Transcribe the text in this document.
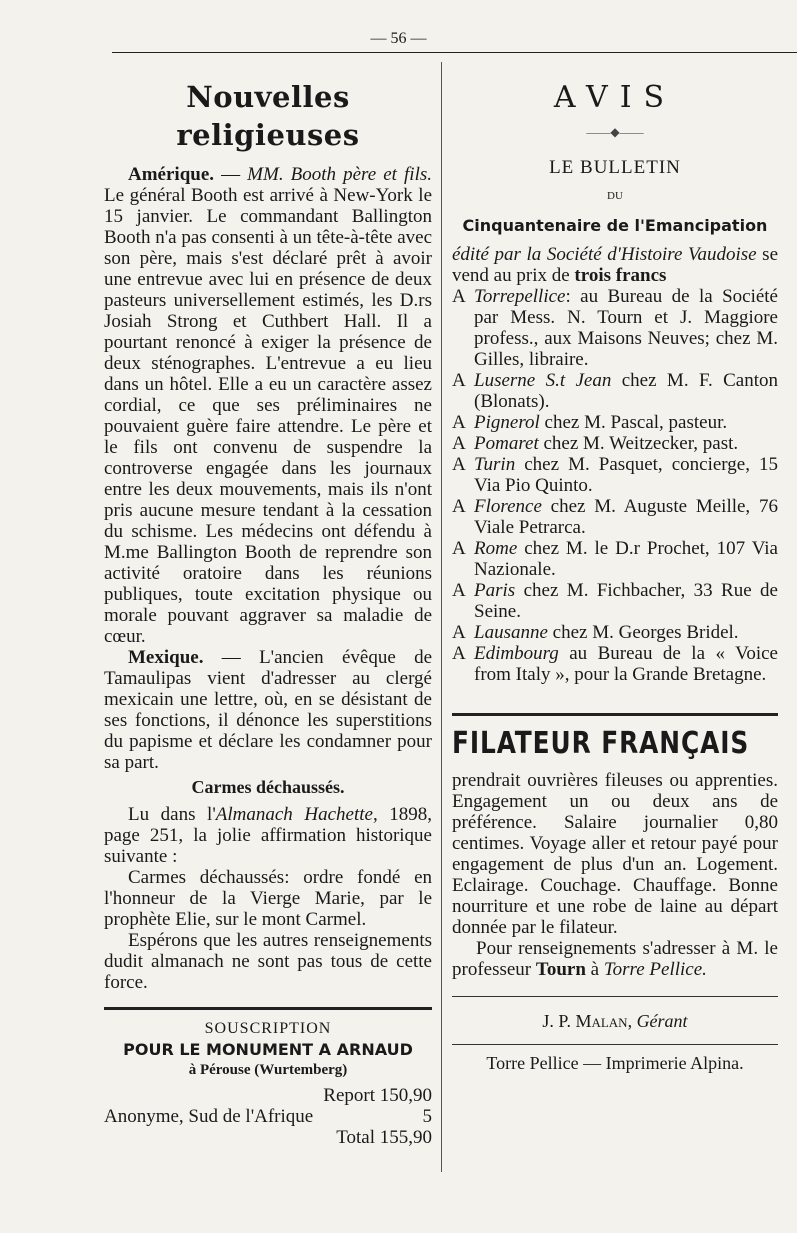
— 56 —
Nouvelles religieuses

Amérique. — MM. Booth père et fils. Le général Booth est arrivé à New-York le 15 janvier. Le commandant Ballington Booth n'a pas consenti à un tête-à-tête avec son père, mais s'est déclaré prêt à avoir une entrevue avec lui en présence de deux pasteurs universellement estimés, les D.rs Josiah Strong et Cuthbert Hall. Il a pourtant renoncé à exiger la présence de deux sténographes. L'entrevue a eu lieu dans un hôtel. Elle a eu un caractère assez cordial, ce que ses préliminaires ne pouvaient guère faire attendre. Le père et le fils ont convenu de suspendre la controverse engagée dans les journaux entre les deux mouvements, mais ils n'ont pris aucune mesure tendant à la cessation du schisme. Les médecins ont défendu à M.me Ballington Booth de reprendre son activité oratoire dans les réunions publiques, toute excitation physique ou morale pouvant aggraver sa maladie de cœur.

Mexique. — L'ancien évêque de Tamaulipas vient d'adresser au clergé mexicain une lettre, où, en se désistant de ses fonctions, il dénonce les superstitions du papisme et déclare les condamner pour sa part.

Carmes déchaussés.

Lu dans l'Almanach Hachette, 1898, page 251, la jolie affirmation historique suivante :

Carmes déchaussés: ordre fondé en l'honneur de la Vierge Marie, par le prophète Elie, sur le mont Carmel.

Espérons que les autres renseignements dudit almanach ne sont pas tous de cette force.

SOUSCRIPTION
POUR LE MONUMENT A ARNAUD
à Pérouse (Wurtemberg)
Report 150,90
Anonyme, Sud de l'Afrique	5
Total 155,90
AVIS
——◆——
LE BULLETIN
DU
Cinquantenaire de l'Emancipation

édité par la Société d'Histoire Vaudoise se vend au prix de trois francs

A Torrepellice: au Bureau de la Société par Mess. N. Tourn et J. Maggiore profess., aux Maisons Neuves; chez M. Gilles, libraire.

A Luserne S.t Jean chez M. F. Canton (Blonats).

A Pignerol chez M. Pascal, pasteur.

A Pomaret chez M. Weitzecker, past.

A Turin chez M. Pasquet, concierge, 15 Via Pio Quinto.

A Florence chez M. Auguste Meille, 76 Viale Petrarca.

A Rome chez M. le D.r Prochet, 107 Via Nazionale.

A Paris chez M. Fichbacher, 33 Rue de Seine.

A Lausanne chez M. Georges Bridel.

A Edimbourg au Bureau de la « Voice from Italy », pour la Grande Bretagne.

FILATEUR FRANÇAIS

prendrait ouvrières fileuses ou apprenties. Engagement un ou deux ans de préférence. Salaire journalier 0,80 centimes. Voyage aller et retour payé pour engagement de plus d'un an. Logement. Eclairage. Couchage. Chauffage. Bonne nourriture et une robe de laine au départ donnée par le filateur.

Pour renseignements s'adresser à M. le professeur Tourn à Torre Pellice.

J. P. Malan, Gérant
Torre Pellice — Imprimerie Alpina.
